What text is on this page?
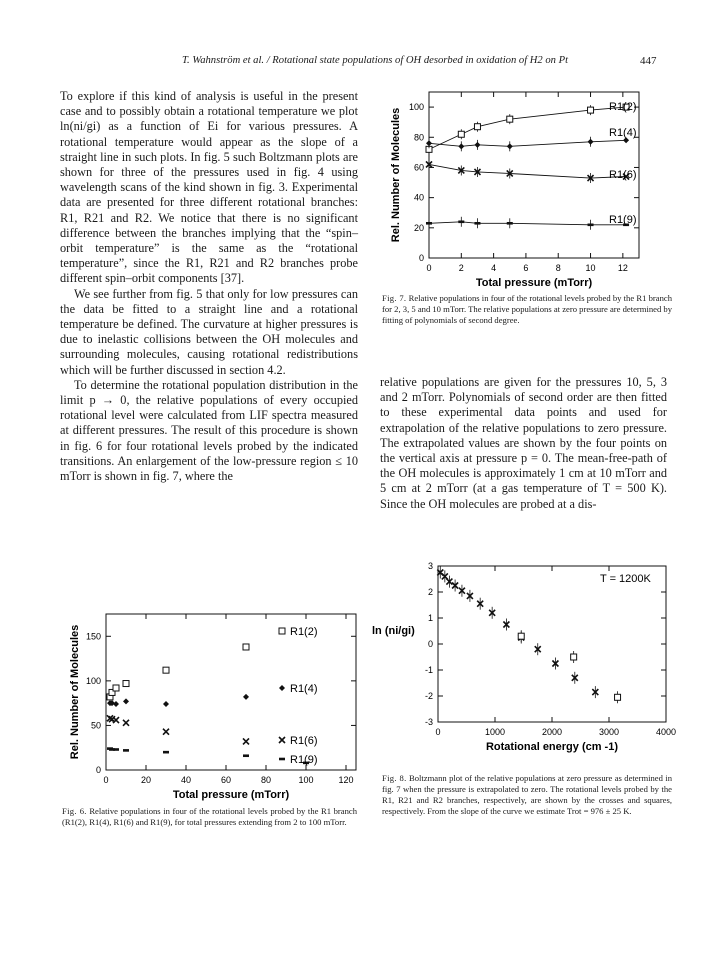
T. Wahnström et al. / Rotational state populations of OH desorbed in oxidation of H2 on Pt	447

To explore if this kind of analysis is useful in the present case and to possibly obtain a rotational temperature we plot ln(ni/gi) as a function of Ei for various pressures. A rotational temperature would appear as the slope of a straight line in such plots. In fig. 5 such Boltzmann plots are shown for three of the pressures used in fig. 4 using wavelength scans of the kind shown in fig. 3. Experimental data are presented for three different rotational branches: R1, R21 and R2. We notice that there is no significant difference between the branches implying that the “spin–orbit temperature” is the same as the “rotational temperature”, since the R1, R21 and R2 branches probe different spin–orbit components [37].

We see further from fig. 5 that only for low pressures can the data be fitted to a straight line and a rotational temperature be defined. The curvature at higher pressures is due to inelastic collisions between the OH molecules and surrounding molecules, causing rotational redistributions which will be further discussed in section 4.2.

To determine the rotational population distribution in the limit p → 0, the relative populations of every occupied rotational level were calculated from LIF spectra measured at different pressures. The result of this procedure is shown in fig. 6 for four rotational levels probed by the indicated transitions. An enlargement of the low-pressure region ≤ 10 mTorr is shown in fig. 7, where the

relative populations are given for the pressures 10, 5, 3 and 2 mTorr. Polynomials of second order are then fitted to these experimental data points and used for extrapolation of the relative populations to zero pressure. The extrapolated values are shown by the four points on the vertical axis at pressure p = 0. The mean-free-path of the OH molecules is approximately 1 cm at 10 mTorr and 5 cm at 2 mTorr (at a gas temperature of T = 500 K). Since the OH molecules are probed at a dis-

0	2	4	6	8	10 12
0
20
40
60
80
100
Total pressure (mTorr)
Rel. Number of Molecules
R1(2)
R1(4)
R1(6)
R1(9)
Fig. 7. Relative populations in four of the rotational levels probed by the R1 branch for 2, 3, 5 and 10 mTorr. The relative populations at zero pressure are determined by fitting of polynomials of second degree.
0	20	40	60	80	100	120
0
50
100
150
Total pressure (mTorr)
Rel. Number of Molecules	R1(2)
R1(4)
R1(6)
R1(9)
Fig. 6. Relative populations in four of the rotational levels probed by the R1 branch (R1(2), R1(4), R1(6) and R1(9), for total pressures extending from 2 to 100 mTorr.
0	1000	2000	3000	4000
-3
-2
-1
0
1
2
3
Rotational energy (cm -1)
ln (ni/gi)
T = 1200K
Fig. 8. Boltzmann plot of the relative populations at zero pressure as determined in fig. 7 when the pressure is extrapolated to zero. The rotational levels probed by the R1, R21 and R2 branches, respectively, are shown by the crosses and squares, respectively. From the slope of the curve we estimate Trot = 976 ± 25 K.
